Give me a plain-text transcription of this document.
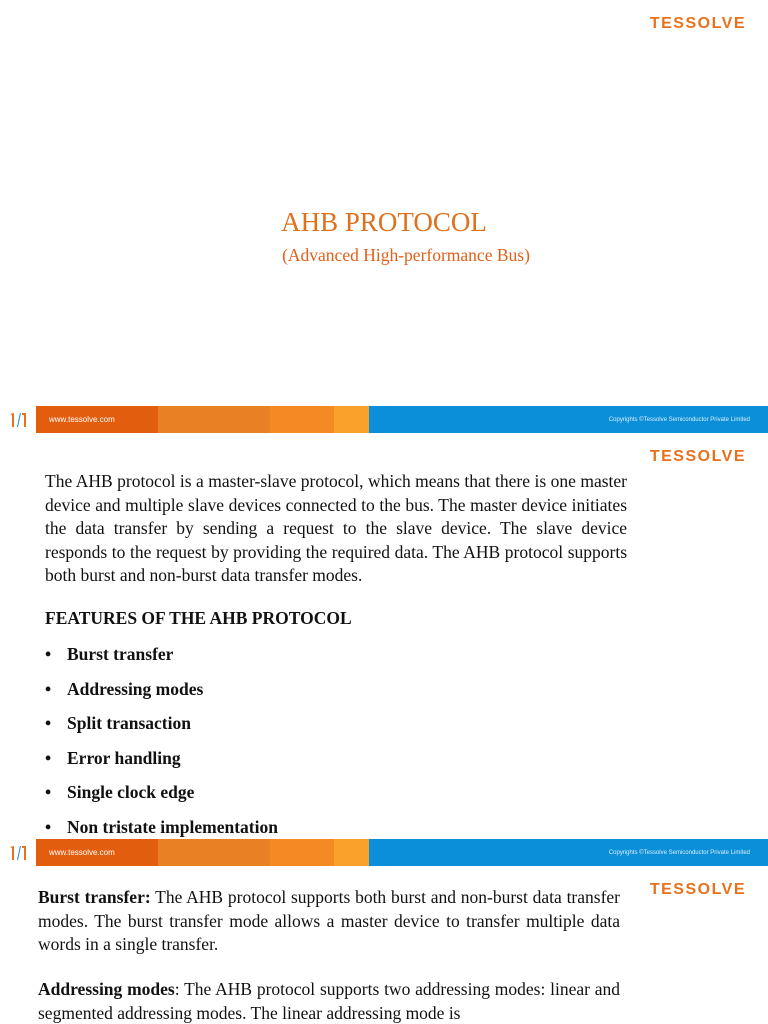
TESSOLVE
AHB PROTOCOL
(Advanced High-performance Bus)
www.tessolve.com	Copyrights ©Tessolve Semiconductor Private Limited
TESSOLVE

The AHB protocol is a master-slave protocol, which means that there is one master device and multiple slave devices connected to the bus. The master device initiates the data transfer by sending a request to the slave device. The slave device responds to the request by providing the required data. The AHB protocol supports both burst and non-burst data transfer modes.

FEATURES OF THE AHB PROTOCOL
• Burst transfer
• Addressing modes
• Split transaction
• Error handling
• Single clock edge
• Non tristate implementation
www.tessolve.com	Copyrights ©Tessolve Semiconductor Private Limited
TESSOLVE

Burst transfer: The AHB protocol supports both burst and non-burst data transfer modes. The burst transfer mode allows a master device to transfer multiple data words in a single transfer.

Addressing modes: The AHB protocol supports two addressing modes: linear and segmented addressing modes. The linear addressing mode is
